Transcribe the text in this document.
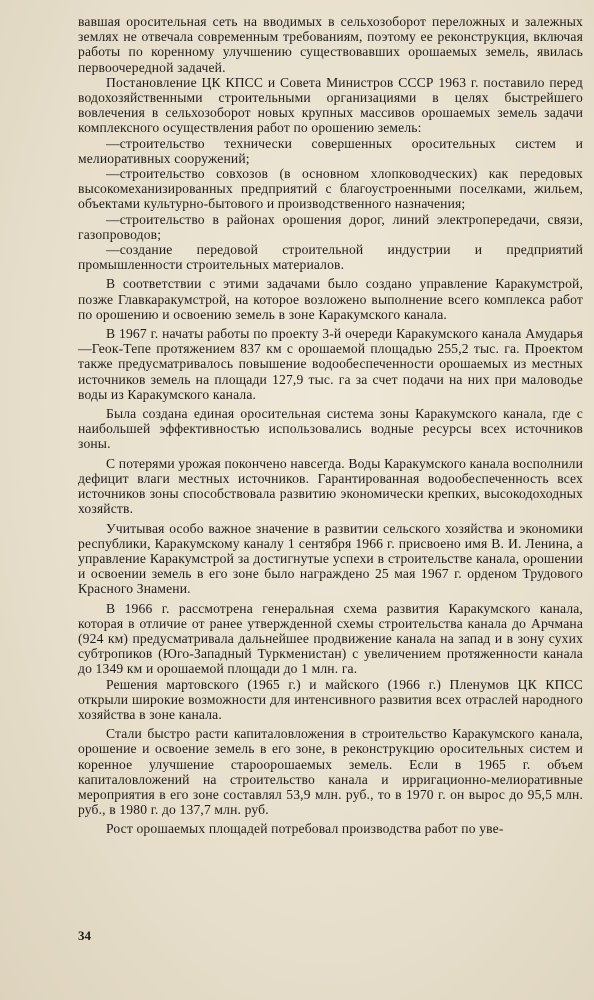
вавшая оросительная сеть на вводимых в сельхозоборот переложных и залежных землях не отвечала современным требованиям, поэтому ее реконструкция, включая работы по коренному улучшению существовавших орошаемых земель, явилась первоочередной задачей.

Постановление ЦК КПСС и Совета Министров СССР 1963 г. поставило перед водохозяйственными строительными организациями в целях быстрейшего вовлечения в сельхозоборот новых крупных массивов орошаемых земель задачи комплексного осуществления работ по орошению земель:

—строительство технически совершенных оросительных систем и мелиоративных сооружений;

—строительство совхозов (в основном хлопководческих) как передовых высокомеханизированных предприятий с благоустроенными поселками, жильем, объектами культурно-бытового и производственного назначения;

—строительство в районах орошения дорог, линий электропередачи, связи, газопроводов;

—создание передовой строительной индустрии и предприятий промышленности строительных материалов.

В соответствии с этими задачами было создано управление Каракумстрой, позже Главкаракумстрой, на которое возложено выполнение всего комплекса работ по орошению и освоению земель в зоне Каракумского канала.

В 1967 г. начаты работы по проекту 3-й очереди Каракумского канала Амударья—Геок-Тепе протяжением 837 км с орошаемой площадью 255,2 тыс. га. Проектом также предусматривалось повышение водообеспеченности орошаемых из местных источников земель на площади 127,9 тыс. га за счет подачи на них при маловодье воды из Каракумского канала.

Была создана единая оросительная система зоны Каракумского канала, где с наибольшей эффективностью использовались водные ресурсы всех источников зоны.

С потерями урожая покончено навсегда. Воды Каракумского канала восполнили дефицит влаги местных источников. Гарантированная водообеспеченность всех источников зоны способствовала развитию экономически крепких, высокодоходных хозяйств.

Учитывая особо важное значение в развитии сельского хозяйства и экономики республики, Каракумскому каналу 1 сентября 1966 г. присвоено имя В. И. Ленина, а управление Каракумстрой за достигнутые успехи в строительстве канала, орошении и освоении земель в его зоне было награждено 25 мая 1967 г. орденом Трудового Красного Знамени.

В 1966 г. рассмотрена генеральная схема развития Каракумского канала, которая в отличие от ранее утвержденной схемы строительства канала до Арчмана (924 км) предусматривала дальнейшее продвижение канала на запад и в зону сухих субтропиков (Юго-Западный Туркменистан) с увеличением протяженности канала до 1349 км и орошаемой площади до 1 млн. га.

Решения мартовского (1965 г.) и майского (1966 г.) Пленумов ЦК КПСС открыли широкие возможности для интенсивного развития всех отраслей народного хозяйства в зоне канала.

Стали быстро расти капиталовложения в строительство Каракумского канала, орошение и освоение земель в его зоне, в реконструкцию оросительных систем и коренное улучшение староорошаемых земель. Если в 1965 г. объем капиталовложений на строительство канала и ирригационно-мелиоративные мероприятия в его зоне составлял 53,9 млн. руб., то в 1970 г. он вырос до 95,5 млн. руб., в 1980 г. до 137,7 млн. руб.

Рост орошаемых площадей потребовал производства работ по уве-

34
